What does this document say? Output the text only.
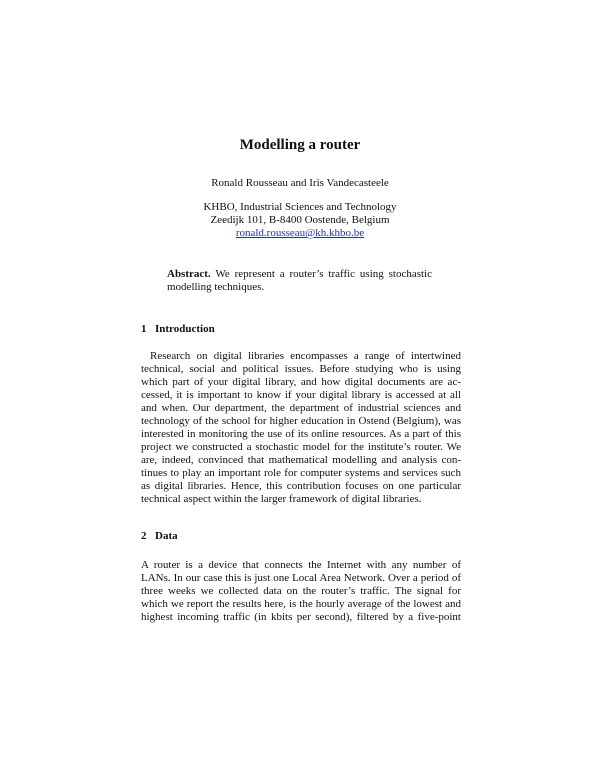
Modelling a router
Ronald Rousseau and Iris Vandecasteele
KHBO, Industrial Sciences and Technology
Zeedijk 101, B-8400 Oostende, Belgium
ronald.rousseau@kh.khbo.be
Abstract. We represent a router’s traffic using stochastic modelling techniques.
1 Introduction
Research on digital libraries encompasses a range of intertwined
technical, social and political issues. Before studying who is using
which part of your digital library, and how digital documents are ac-
cessed, it is important to know if your digital library is accessed at all
and when. Our department, the department of industrial sciences and
technology of the school for higher education in Ostend (Belgium), was
interested in monitoring the use of its online resources. As a part of this
project we constructed a stochastic model for the institute’s router. We
are, indeed, convinced that mathematical modelling and analysis con-
tinues to play an important role for computer systems and services such
as digital libraries. Hence, this contribution focuses on one particular
technical aspect within the larger framework of digital libraries.
2 Data
A router is a device that connects the Internet with any number of
LANs. In our case this is just one Local Area Network. Over a period of
three weeks we collected data on the router’s traffic. The signal for
which we report the results here, is the hourly average of the lowest and
highest incoming traffic (in kbits per second), filtered by a five-point
